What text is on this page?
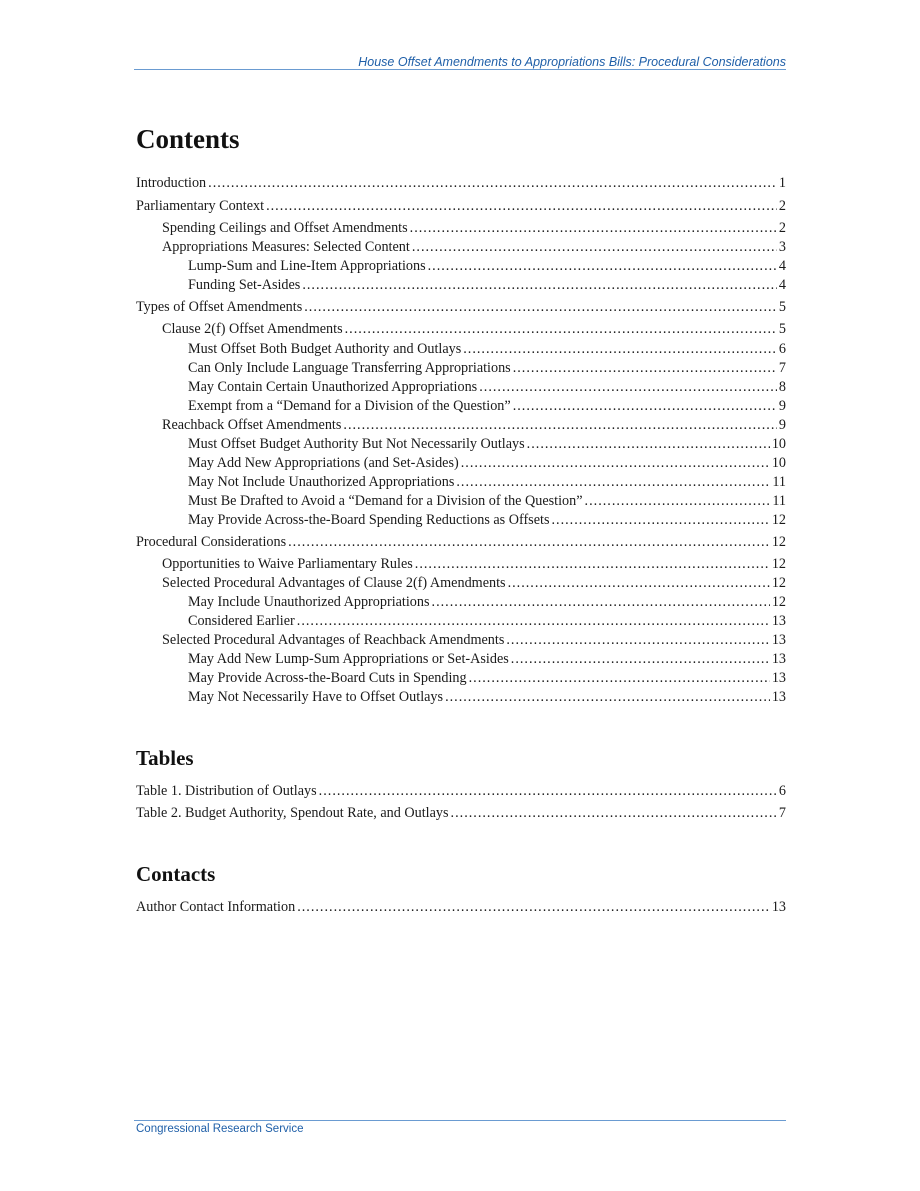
House Offset Amendments to Appropriations Bills: Procedural Considerations
Contents
Introduction .....	1
Parliamentary Context .....	2
Spending Ceilings and Offset Amendments .....	2
Appropriations Measures: Selected Content .....	3
Lump-Sum and Line-Item Appropriations .....	4
Funding Set-Asides .....	4
Types of Offset Amendments .....	5
Clause 2(f) Offset Amendments .....	5
Must Offset Both Budget Authority and Outlays .....	6
Can Only Include Language Transferring Appropriations .....	7
May Contain Certain Unauthorized Appropriations .....	8
Exempt from a “Demand for a Division of the Question” .....	9
Reachback Offset Amendments .....	9
Must Offset Budget Authority But Not Necessarily Outlays .....	10
May Add New Appropriations (and Set-Asides) .....	10
May Not Include Unauthorized Appropriations .....	11
Must Be Drafted to Avoid a “Demand for a Division of the Question” .....	11
May Provide Across-the-Board Spending Reductions as Offsets .....	12
Procedural Considerations .....	12
Opportunities to Waive Parliamentary Rules .....	12
Selected Procedural Advantages of Clause 2(f) Amendments .....	12
May Include Unauthorized Appropriations .....	12
Considered Earlier .....	13
Selected Procedural Advantages of Reachback Amendments .....	13
May Add New Lump-Sum Appropriations or Set-Asides .....	13
May Provide Across-the-Board Cuts in Spending .....	13
May Not Necessarily Have to Offset Outlays .....	13
Tables
Table 1. Distribution of Outlays .....	6
Table 2. Budget Authority, Spendout Rate, and Outlays .....	7
Contacts
Author Contact Information .....	13
Congressional Research Service
